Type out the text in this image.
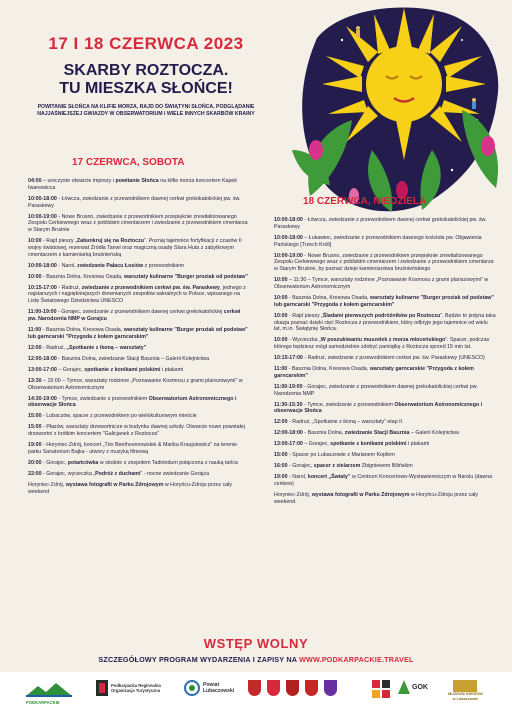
17 I 18 CZERWCA 2023
SKARBY ROZTOCZA.
TU MIESZKA SŁOŃCE!

POWITANIE SŁOŃCA NA KLIFIE MORZA, RAJD DO ŚWIĄTYNI SŁOŃCA, PODGLĄDANIE NAJJAŚNIEJSZEJ GWIAZDY W OBSERWATORIUM I WIELE INNYCH SKARBÓW KRAINY

17 CZERWCA, SOBOTA
18 CZERWCA, NIEDZIELA

04:00 – uroczyste otwarcie imprezy i powitanie Słońca na klifie morza koncertem Kapeli Iwanowicca

10:00-18:00 - Łówcza, zwiedzanie z przewodnikiem dawnej cerkwi grekokatolickiej pw. św. Paraskewy

10:00-19:00 - Nowe Brusno, zwiedzanie z przewodnikiem przepięknie zrewitalizowanego Zespołu Cerkiewnego wraz z pobliskim cmentarzem i zwiedzanie z przewodnikiem cmentarza w Starym Bruśnie

10:00 - Rajd pieszy „Zabunkruj się na Roztoczu”. Poznaj tajemnice fortyfikacji z czasów II wojny światowej, rezerwat Źródła Tanwi oraz magiczną osadę Stara Huta z zabytkowym cmentarzem z kamieniarką bruśnieńską

10:00-18:00 - Narol, zwiedzanie Pałacu Łosiów z przewodnikiem

10:00 - Basznia Dolna, Kresowa Osada, warsztaty kulinarne "Burger proziak od podstaw"

10:15-17:00 - Radruż, zwiedzanie z przewodnikiem cerkwi pw. św. Paraskewy, jednego z najstarszych i najpiękniejszych drewnianych zespołów sakralnych w Polsce, wpisanego na Listę Światowego Dziedzictwa UNESCO

11:00-19:00 - Gorajec, zwiedzanie z przewodnikiem dawnej cerkwi grekokatolickiej cerkwi pw. Narodzenia NMP w Gorajcu

11:00 - Basznia Dolna, Kresowa Osada, warsztaty kulinarne "Burger proziak od podstaw" lub garncarski "Przygoda z kołem garncarskim"

12:00 - Radruż, „Spotkanie z ikoną – warsztaty”

12:00-18:00 - Basznia Dolna, zwiedzanie Stacji Basznia – Galerii Kolejnictwa

13:00-17:00 – Gorajec, spotkanie z konikami polskimi i ptakami

13:30 – 15:00 – Tymce, warsztaty rodzinne „Poznawanie Kosmosu z grami planszowymi” w Obserwatorium Astronomicznym

14:30-19:00 - Tymce, zwiedzanie z przewodnikiem Obserwatorium Astronomicznego i obserwacje Słońca

15:00 - Lubaczów, spacer z przewodnikiem po wielokulturowym mieście

15:00 - Płazów, warsztaty drzewortnicze w budynku dawnej szkoły. Otwarcie nowo powstałej drzewortni z krótkim koncertem "Galicjanek z Roztocza"

19:00 - Horyniec-Zdrój, koncert „Trio Beethovenowskie & Marika Kraujutowicz” na terenie parku Sanatorium Bajka - utwory z muzyką filmową

20:00 - Gorajec, potańcówka w stodole z zespołem Tadirindum połączona z nauką tańca

22:00 - Gorajec, wycieczka „Podróż z duchami” - nocne zwiedzanie Gorajca

Horyniec-Zdrój, wystawa fotografii w Parku Zdrojowym w Horyńcu-Zdroju przez cały weekend

10:00-18:00 - Łówcza, zwiedzanie z przewodnikiem dawnej cerkwi grekokatolickiej pw. św. Paraskewy

10:00-18:00 – Łukawiec, zwiedzanie z przewodnikiem dawnego kościoła pw. Objawienia Pańskiego [Trzech Króli]

10:00-19:00 - Nowe Brusno, zwiedzanie z przewodnikiem przepięknie zrewitalizowanego Zespołu Cerkiewnego wraz z pobliskim cmentarzem i zwiedzanie z przewodnikiem cmentarza w Starym Bruśnie, by poznać dzieje kamieniarstwa bruśnieńskiego

10:00 – 11:30 – Tymce, warsztaty rodzinne „Poznawanie Kosmosu z grami planszowymi” w Obserwatorium Astronomicznym

10:00 - Basznia Dolna, Kresowa Osada, warsztaty kulinarne "Burger proziak od podstaw" lub garncarski "Przygoda z kołem garncarskim"

10:00 - Rajd pieszy „Śladami pierwszych podróżników po Roztoczu”. Będzie to jedyna taka okazja poznać dzięki cięć Roztocza z przewodnikiem, który odkryje jego tajemnice od wielu lat, m.in. Świątynię Słońca.

10:00 - Wycieczka „W poszukiwaniu muszelek z morza mioceńskiego”. Spacer, podczas którego będziesz mógł samodzielnie zdobyć pamiątkę z Roztocza sprzed 15 min lat.

10:15-17:00 - Radruż, zwiedzanie z przewodnikiem cerkwi pw. św. Paraskewy (UNESCO)

11:00 - Basznia Dolna, Kresowa Osada, warsztaty garncarskie "Przygoda z kołem garncarskim"

11:00-19:00 - Gorajec, zwiedzanie z przewodnikiem dawnej grekokatolickiej cerkwi pw. Narodzenia NMP

11:30-15:30 - Tymce, zwiedzanie z przewodnikiem Obserwatorium Astronomicznego i obserwacje Słońca

12:00 - Radruż, „Spotkanie z ikoną – warsztaty” etap II

12:00-18:00 - Basznia Dolna, zwiedzanie Stacji Basznia – Galerii Kolejnictwa

13:00-17:00 – Gorajec, spotkanie z konikami polskimi i ptakami

15:00 - Spacer po Lubaczowie z Marianem Kopfem

16:00 - Gorajec, spacer z zielarzem Zbigniewem Bilińskim

19:00 - Narol, koncert „Światy” w Centrum Koncertowo-Wystawienniczym w Narolu (dawna cerkiew)

Horyniec-Zdrój, wystawa fotografii w Parku Zdrojowym w Horyńcu-Zdroju przez cały weekend.

WSTĘP WOLNY
SZCZEGÓŁOWY PROGRAM WYDARZENIA I ZAPISY NA WWW.PODKARPACKIE.TRAVEL
PODKARPACKIE
Podkarpacka Regionalna
Organizacja Turystyczna
Powiat
Lubaczowski
GOK
MUZEUM KRESÓW
w Lubaczowie
